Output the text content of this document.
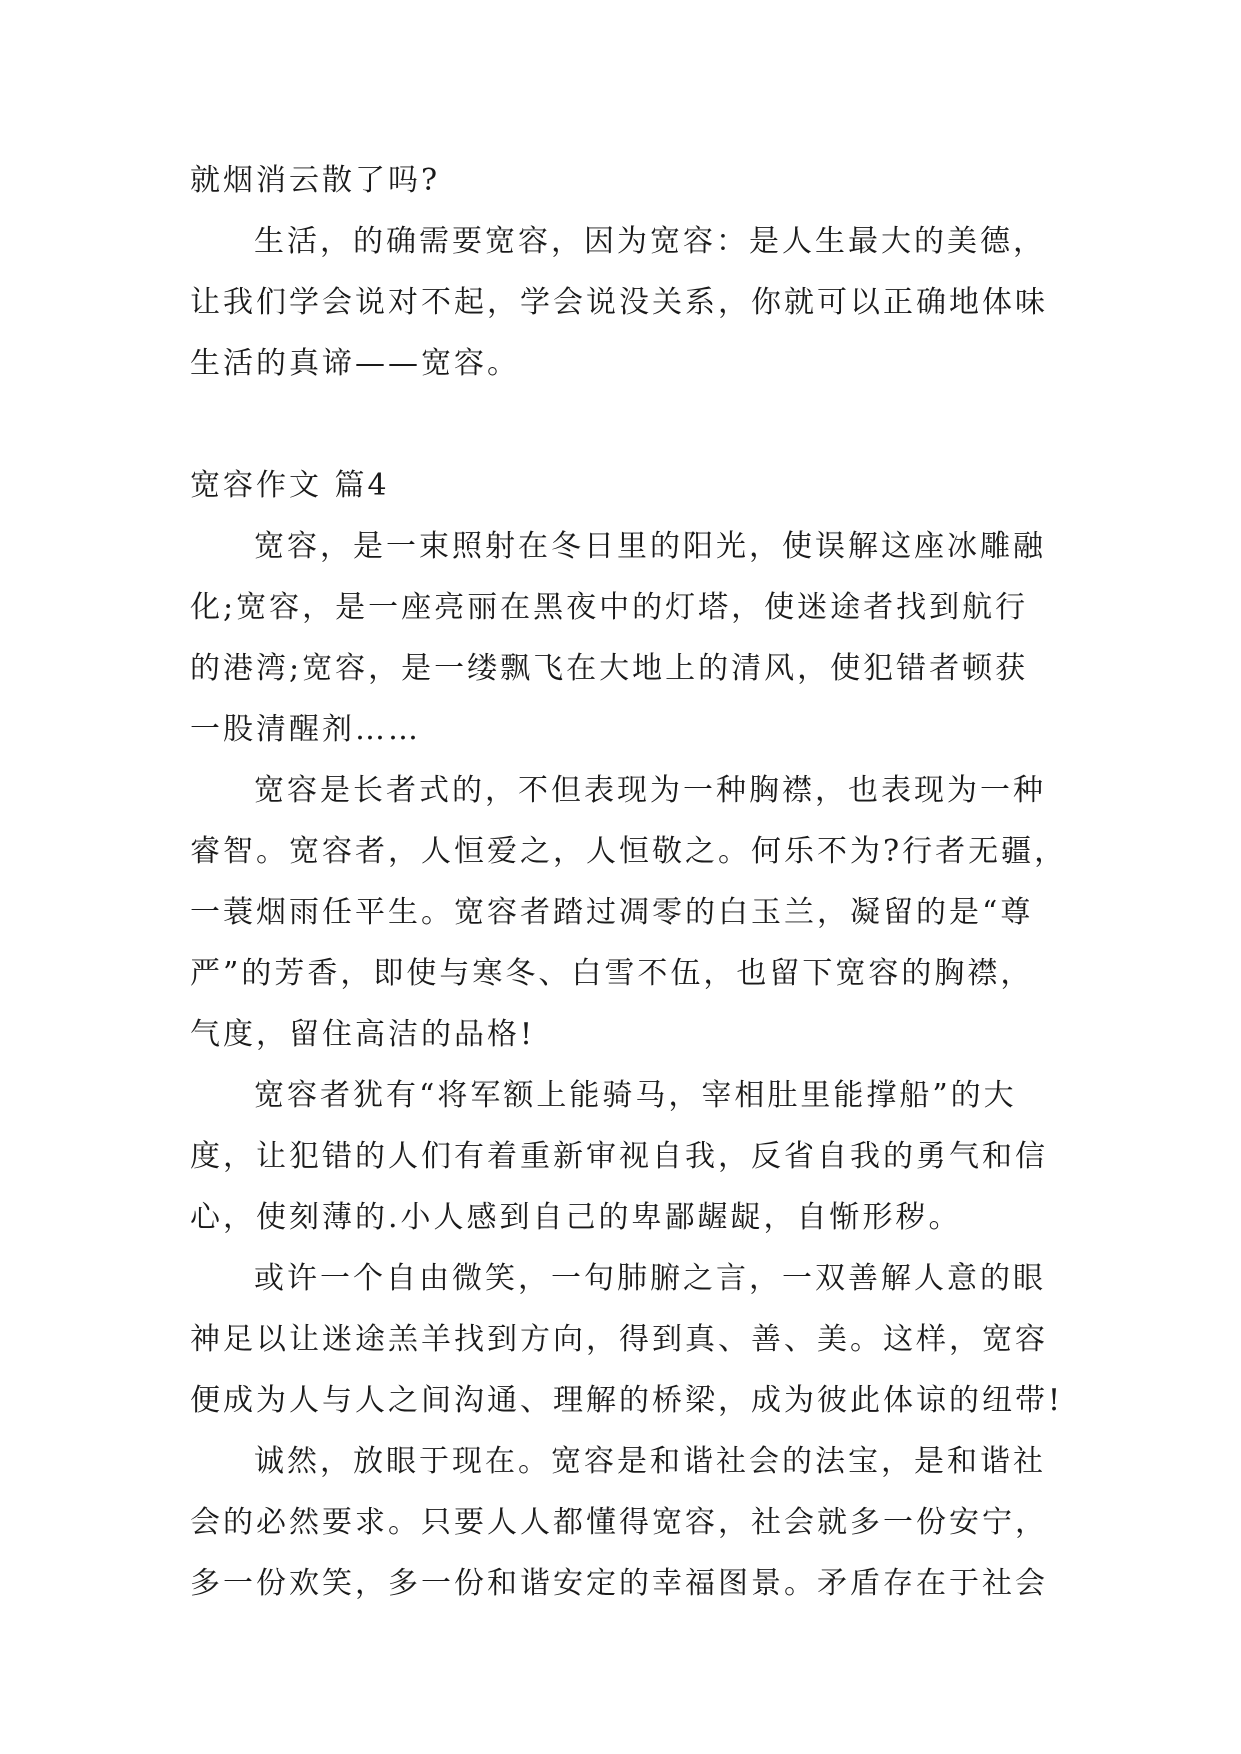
就烟消云散了吗?
生活，的确需要宽容，因为宽容：是人生最大的美德，
让我们学会说对不起，学会说没关系，你就可以正确地体味
生活的真谛——宽容。
宽容作文 篇4
宽容，是一束照射在冬日里的阳光，使误解这座冰雕融
化;宽容，是一座亮丽在黑夜中的灯塔，使迷途者找到航行
的港湾;宽容，是一缕飘飞在大地上的清风，使犯错者顿获
一股清醒剂……
宽容是长者式的，不但表现为一种胸襟，也表现为一种
睿智。宽容者，人恒爱之，人恒敬之。何乐不为?行者无疆，
一蓑烟雨任平生。宽容者踏过凋零的白玉兰，凝留的是“尊
严”的芳香，即使与寒冬、白雪不伍，也留下宽容的胸襟，
气度，留住高洁的品格!
宽容者犹有“将军额上能骑马，宰相肚里能撑船”的大
度，让犯错的人们有着重新审视自我，反省自我的勇气和信
心，使刻薄的.小人感到自己的卑鄙龌龊，自惭形秽。
或许一个自由微笑，一句肺腑之言，一双善解人意的眼
神足以让迷途羔羊找到方向，得到真、善、美。这样，宽容
便成为人与人之间沟通、理解的桥梁，成为彼此体谅的纽带!
诚然，放眼于现在。宽容是和谐社会的法宝，是和谐社
会的必然要求。只要人人都懂得宽容，社会就多一份安宁，
多一份欢笑，多一份和谐安定的幸福图景。矛盾存在于社会
